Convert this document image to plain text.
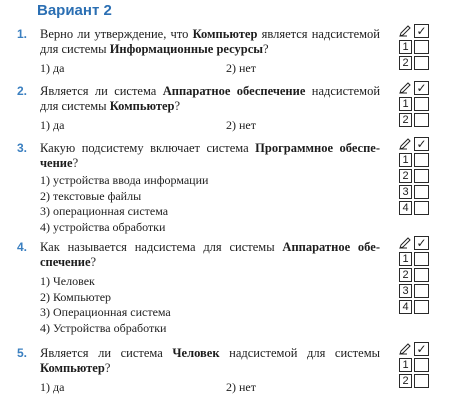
Вариант 2
1. Верно ли утверждение, что Компьютер является надсистемой для системы Информационные ресурсы?
1) да	2) нет
✓
1
2
2. Является ли система Аппаратное обеспечение надсистемой для системы Компьютер?
1) да	2) нет
✓
1
2
3. Какую подсистему включает система Программное обеспечение?
1) устройства ввода информации
2) текстовые файлы
3) операционная система
4) устройства обработки
✓
1
2
3
4
4. Как называется надсистема для системы Аппаратное обеспечение?
1) Человек
2) Компьютер
3) Операционная система
4) Устройства обработки
✓
1
2
3
4
5. Является ли система Человек надсистемой для системы Компьютер?
1) да	2) нет
✓
1
2
